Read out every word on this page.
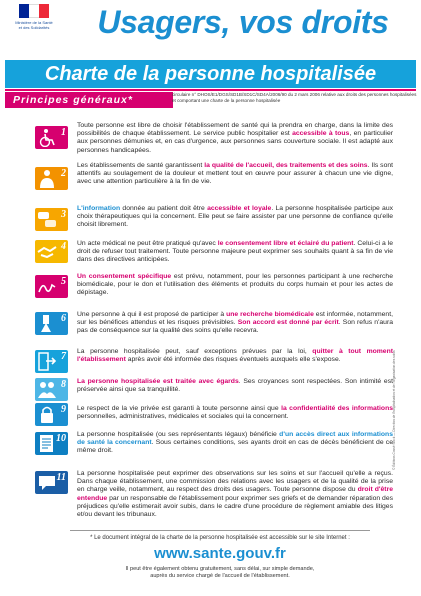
Ministère de la Santé

et des Solidarités	Usagers, vos droits
Charte de la personne hospitalisée
Principes généraux*	circulaire n° DHOS/E1/DGS/SD1B/SD1C/SD4A/2006/90 du 2 mars 2006 relative aux droits des personnes hospitalisées et comportant une charte de la personne hospitalisée

1
Toute personne est libre de choisir l'établissement de santé qui la prendra en charge, dans la limite des possibilités de chaque établissement. Le service public hospitalier est accessible à tous, en particulier aux personnes démunies et, en cas d'urgence, aux personnes sans couverture sociale. Il est adapté aux personnes handicapées.
2
Les établissements de santé garantissent la qualité de l'accueil, des traitements et des soins. Ils sont attentifs au soulagement de la douleur et mettent tout en œuvre pour assurer à chacun une vie digne, avec une attention particulière à la fin de vie.
3
L'information donnée au patient doit être accessible et loyale. La personne hospitalisée participe aux choix thérapeutiques qui la concernent. Elle peut se faire assister par une personne de confiance qu'elle choisit librement.
4 Un acte médical ne peut être pratiqué qu'avec le consentement libre et éclairé du patient. Celui-ci a le droit de refuser tout traitement. Toute personne majeure peut exprimer ses souhaits quant à sa fin de vie dans des directives anticipées.
5 Un consentement spécifique est prévu, notamment, pour les personnes participant à une recherche biomédicale, pour le don et l'utilisation des éléments et produits du corps humain et pour les actes de dépistage.
6 Une personne à qui il est proposé de participer à une recherche biomédicale est informée, notamment, sur les bénéfices attendus et les risques prévisibles. Son accord est donné par écrit. Son refus n'aura pas de conséquence sur la qualité des soins qu'elle recevra.
7 La personne hospitalisée peut, sauf exceptions prévues par la loi, quitter à tout moment l'établissement après avoir été informée des risques éventuels auxquels elle s'expose.
8 La personne hospitalisée est traitée avec égards. Ses croyances sont respectées. Son intimité est préservée ainsi que sa tranquillité.
9 Le respect de la vie privée est garanti à toute personne ainsi que la confidentialité des informations personnelles, administratives, médicales et sociales qui la concernent.
10 La personne hospitalisée (ou ses représentants légaux) bénéficie d'un accès direct aux informations de santé la concernant. Sous certaines conditions, ses ayants droit en cas de décès bénéficient de ce même droit.
11 La personne hospitalisée peut exprimer des observations sur les soins et sur l'accueil qu'elle a reçus. Dans chaque établissement, une commission des relations avec les usagers et de la qualité de la prise en charge veille, notamment, au respect des droits des usagers. Toute personne dispose du droit d'être entendue par un responsable de l'établissement pour exprimer ses griefs et de demander réparation des préjudices qu'elle estimerait avoir subis, dans le cadre d'une procédure de règlement amiable des litiges et/ou devant les tribunaux.
* Le document intégral de la charte de la personne hospitalisée est accessible sur le site Internet :
www.sante.gouv.fr

Il peut être également obtenu gratuitement, sans délai, sur simple demande,

auprès du service chargé de l'accueil de l'établissement.

© Éditions Cossé Stock — Direction de l'hospitalisation et de l'organisation des soins
